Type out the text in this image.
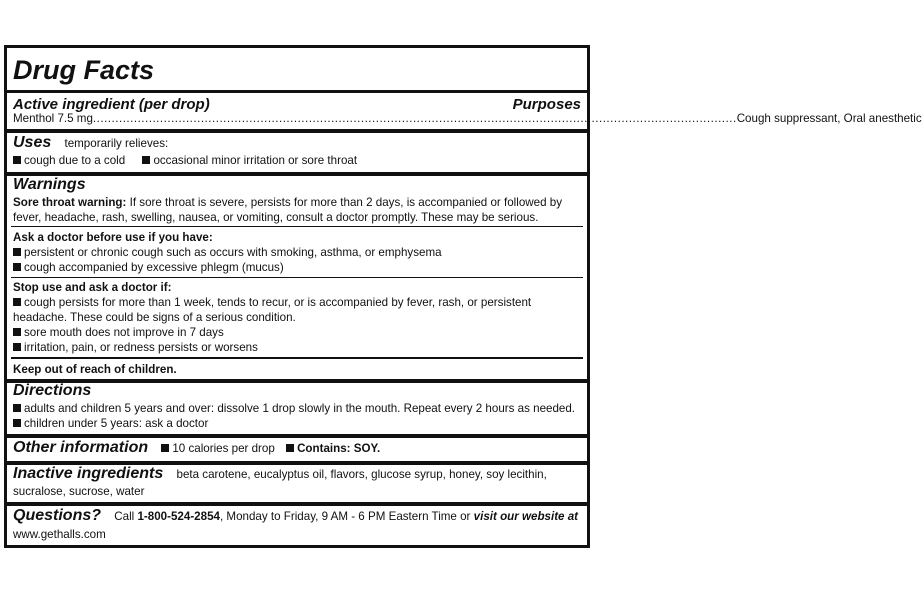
Drug Facts
Active ingredient (per drop)	Purposes
Menthol 7.5 mg ............................................................................................................................................................................. Cough suppressant, Oral anesthetic
Uses temporarily relieves:
cough due to a cold occasional minor irritation or sore throat
Warnings
Sore throat warning: If sore throat is severe, persists for more than 2 days, is accompanied or followed by
fever, headache, rash, swelling, nausea, or vomiting, consult a doctor promptly. These may be serious.
Ask a doctor before use if you have:
persistent or chronic cough such as occurs with smoking, asthma, or emphysema
cough accompanied by excessive phlegm (mucus)
Stop use and ask a doctor if:
cough persists for more than 1 week, tends to recur, or is accompanied by fever, rash, or persistent
headache. These could be signs of a serious condition.
sore mouth does not improve in 7 days
irritation, pain, or redness persists or worsens
Keep out of reach of children.
Directions
adults and children 5 years and over: dissolve 1 drop slowly in the mouth. Repeat every 2 hours as needed.
children under 5 years: ask a doctor
Other information 10 calories per drop Contains: SOY.
Inactive ingredients beta carotene, eucalyptus oil, flavors, glucose syrup, honey, soy lecithin,
sucralose, sucrose, water
Questions? Call 1-800-524-2854, Monday to Friday, 9 AM - 6 PM Eastern Time or visit our website at
www.gethalls.com
